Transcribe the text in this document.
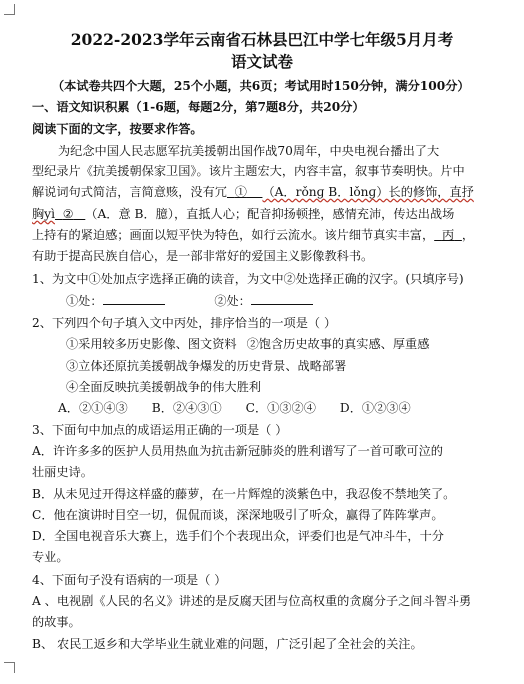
2022-2023学年云南省石林县巴江中学七年级5月月考
语文试卷
（本试卷共四个大题，25个小题，共6页；考试用时150分钟，满分100分）
一、语文知识积累（1-6题，每题2分，第7题8分，共20分）
阅读下面的文字，按要求作答。
为纪念中国人民志愿军抗美援朝出国作战70周年，中央电视台播出了大
型纪录片《抗美援朝保家卫国》。该片主题宏大，内容丰富，叙事节奏明快。片中
解说词句式简洁，言简意赅，没有冗 ① （A．rǒnɡ B．lǒnɡ）长的修饰，直抒
胸yì ② （A．意 B．臆），直抵人心；配音抑扬顿挫，感情充沛，传达出战场
上持有的紧迫感；画面以短平快为特色，如行云流水。该片细节真实丰富， 丙 ，
有助于提高民族自信心，是一部非常好的爱国主义影像教科书。
1、为文中①处加点字选择正确的读音，为文中②处选择正确的汉字。(只填序号)
①处：	②处：
2、下列四个句子填入文中丙处，排序恰当的一项是（ ）
①采用较多历史影像、图文资料 ②饱含历史故事的真实感、厚重感
③立体还原抗美援朝战争爆发的历史背景、战略部署
④全面反映抗美援朝战争的伟大胜利
A．②①④③ B．②④③① C．①③②④ D．①②③④
3、下面句中加点的成语运用正确的一项是（ ）
A．许许多多的医护人员用热血为抗击新冠肺炎的胜利谱写了一首可歌可泣的
壮丽史诗。
B．从未见过开得这样盛的藤萝，在一片辉煌的淡紫色中，我忍俊不禁地笑了。
C．他在演讲时目空一切，侃侃而谈，深深地吸引了听众，赢得了阵阵掌声。
D．全国电视音乐大赛上，选手们个个表现出众，评委们也是气冲斗牛，十分
专业。
4、下面句子没有语病的一项是（ ）
A 、电视剧《人民的名义》讲述的是反腐天团与位高权重的贪腐分子之间斗智斗勇
的故事。
B、 农民工返乡和大学毕业生就业难的问题，广泛引起了全社会的关注。
